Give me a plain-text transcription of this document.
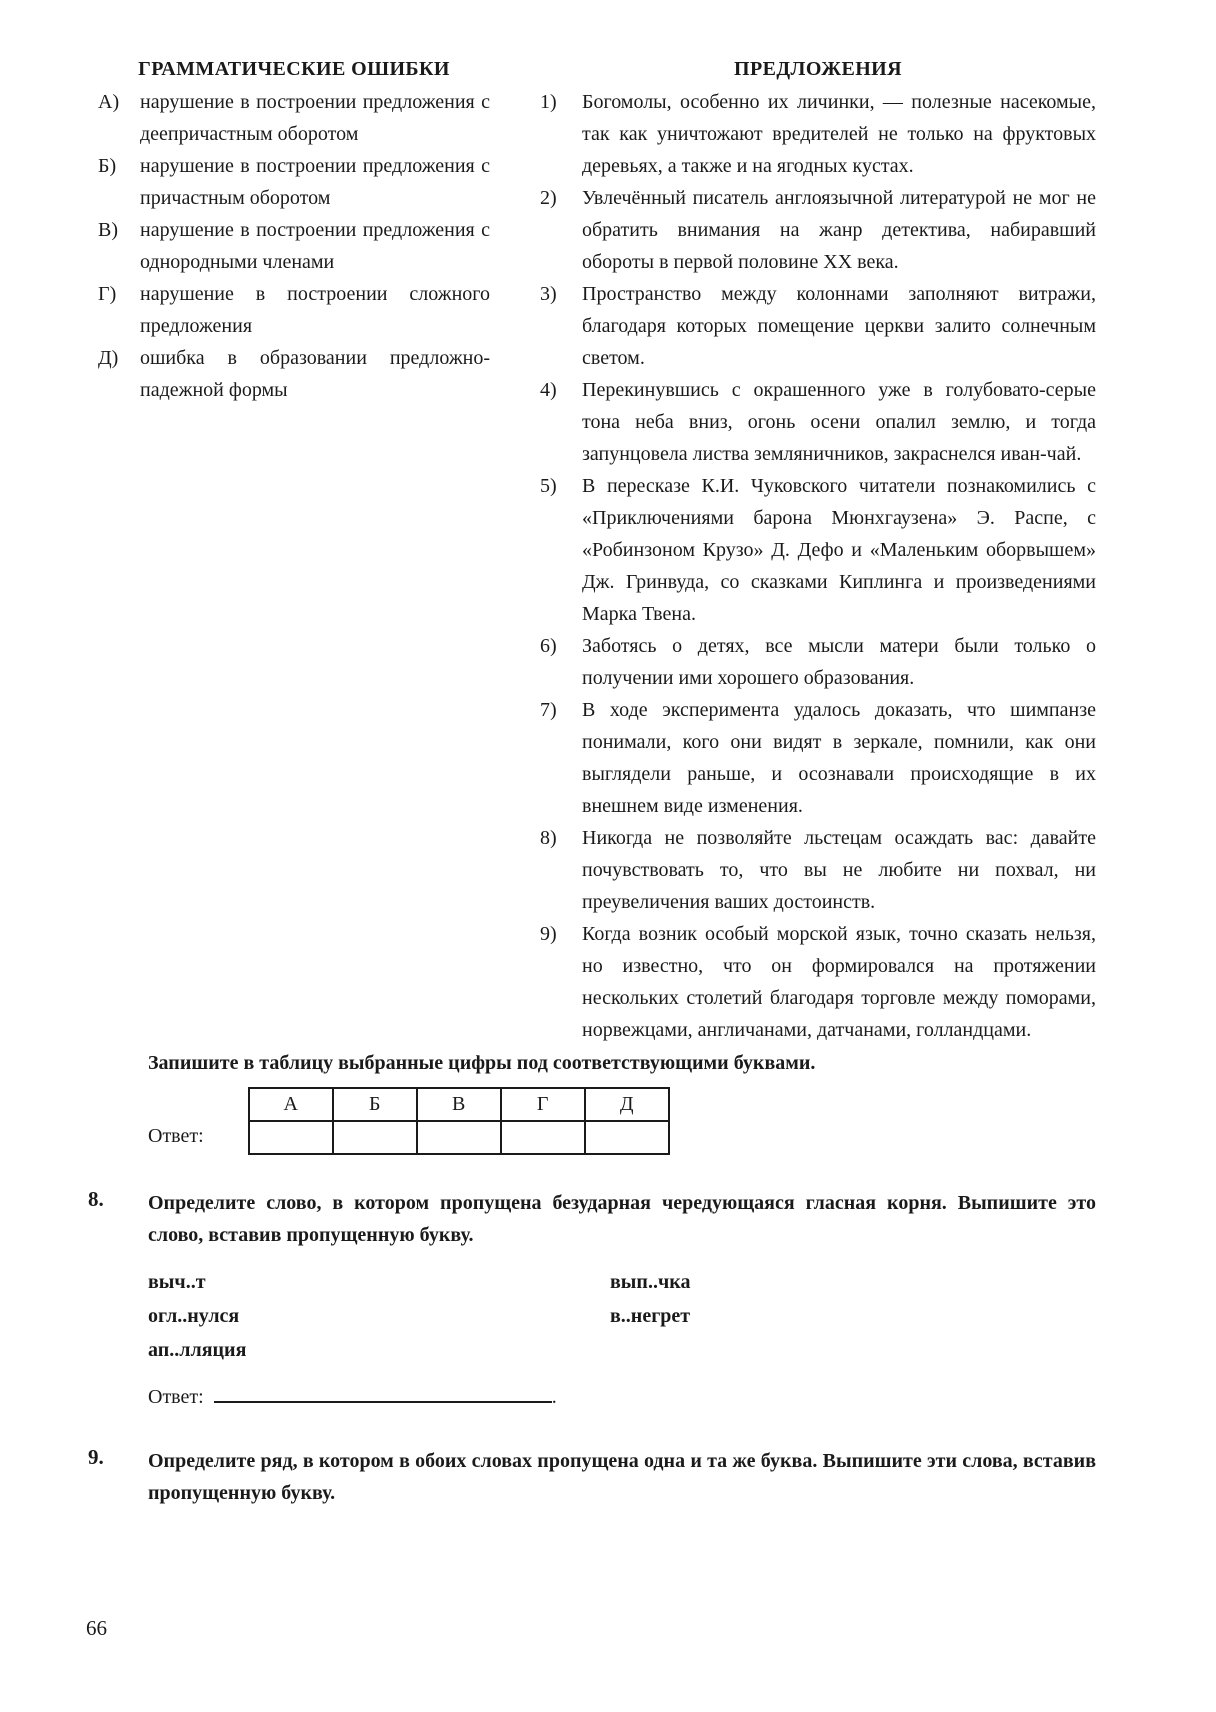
ГРАММАТИЧЕСКИЕ ОШИБКИ
А)	нарушение в построении предложения с деепричастным оборотом
Б)	нарушение в построении предложения с причастным оборотом
В)	нарушение в построении предложения с однородными членами
Г)	нарушение в построении сложного предложения
Д)	ошибка в образовании предложно-падежной формы
ПРЕДЛОЖЕНИЯ
1)	Богомолы, особенно их личинки, — полезные насекомые, так как уничтожают вредителей не только на фруктовых деревьях, а также и на ягодных кустах.
2)	Увлечённый писатель англоязычной литературой не мог не обратить внимания на жанр детектива, набиравший обороты в первой половине ХХ века.
3)	Пространство между колоннами заполняют витражи, благодаря которых помещение церкви залито солнечным светом.
4)	Перекинувшись с окрашенного уже в голубовато-серые тона неба вниз, огонь осени опалил землю, и тогда запунцовела листва земляничников, закраснелся иван-чай.
5)	В пересказе К.И. Чуковского читатели познакомились с «Приключениями барона Мюнхгаузена» Э. Распе, с «Робинзоном Крузо» Д. Дефо и «Маленьким оборвышем» Дж. Гринвуда, со сказками Киплинга и произведениями Марка Твена.
6)	Заботясь о детях, все мысли матери были только о получении ими хорошего образования.
7)	В ходе эксперимента удалось доказать, что шимпанзе понимали, кого они видят в зеркале, помнили, как они выглядели раньше, и осознавали происходящие в их внешнем виде изменения.
8)	Никогда не позволяйте льстецам осаждать вас: давайте почувствовать то, что вы не любите ни похвал, ни преувеличения ваших достоинств.
9)	Когда возник особый морской язык, точно сказать нельзя, но известно, что он формировался на протяжении нескольких столетий благодаря торговле между поморами, норвежцами, англичанами, датчанами, голландцами.

Запишите в таблицу выбранные цифры под соответствующими буквами.

Ответ:
А	Б	В	Г	Д

8.	Определите слово, в котором пропущена безударная чередующаяся гласная корня. Выпишите это слово, вставив пропущенную букву.

выч..т
огл..нулся
ап..лляция
вып..чка
в..негрет
Ответ:	.
9.	Определите ряд, в котором в обоих словах пропущена одна и та же буква. Выпишите эти слова, вставив пропущенную букву.

66
